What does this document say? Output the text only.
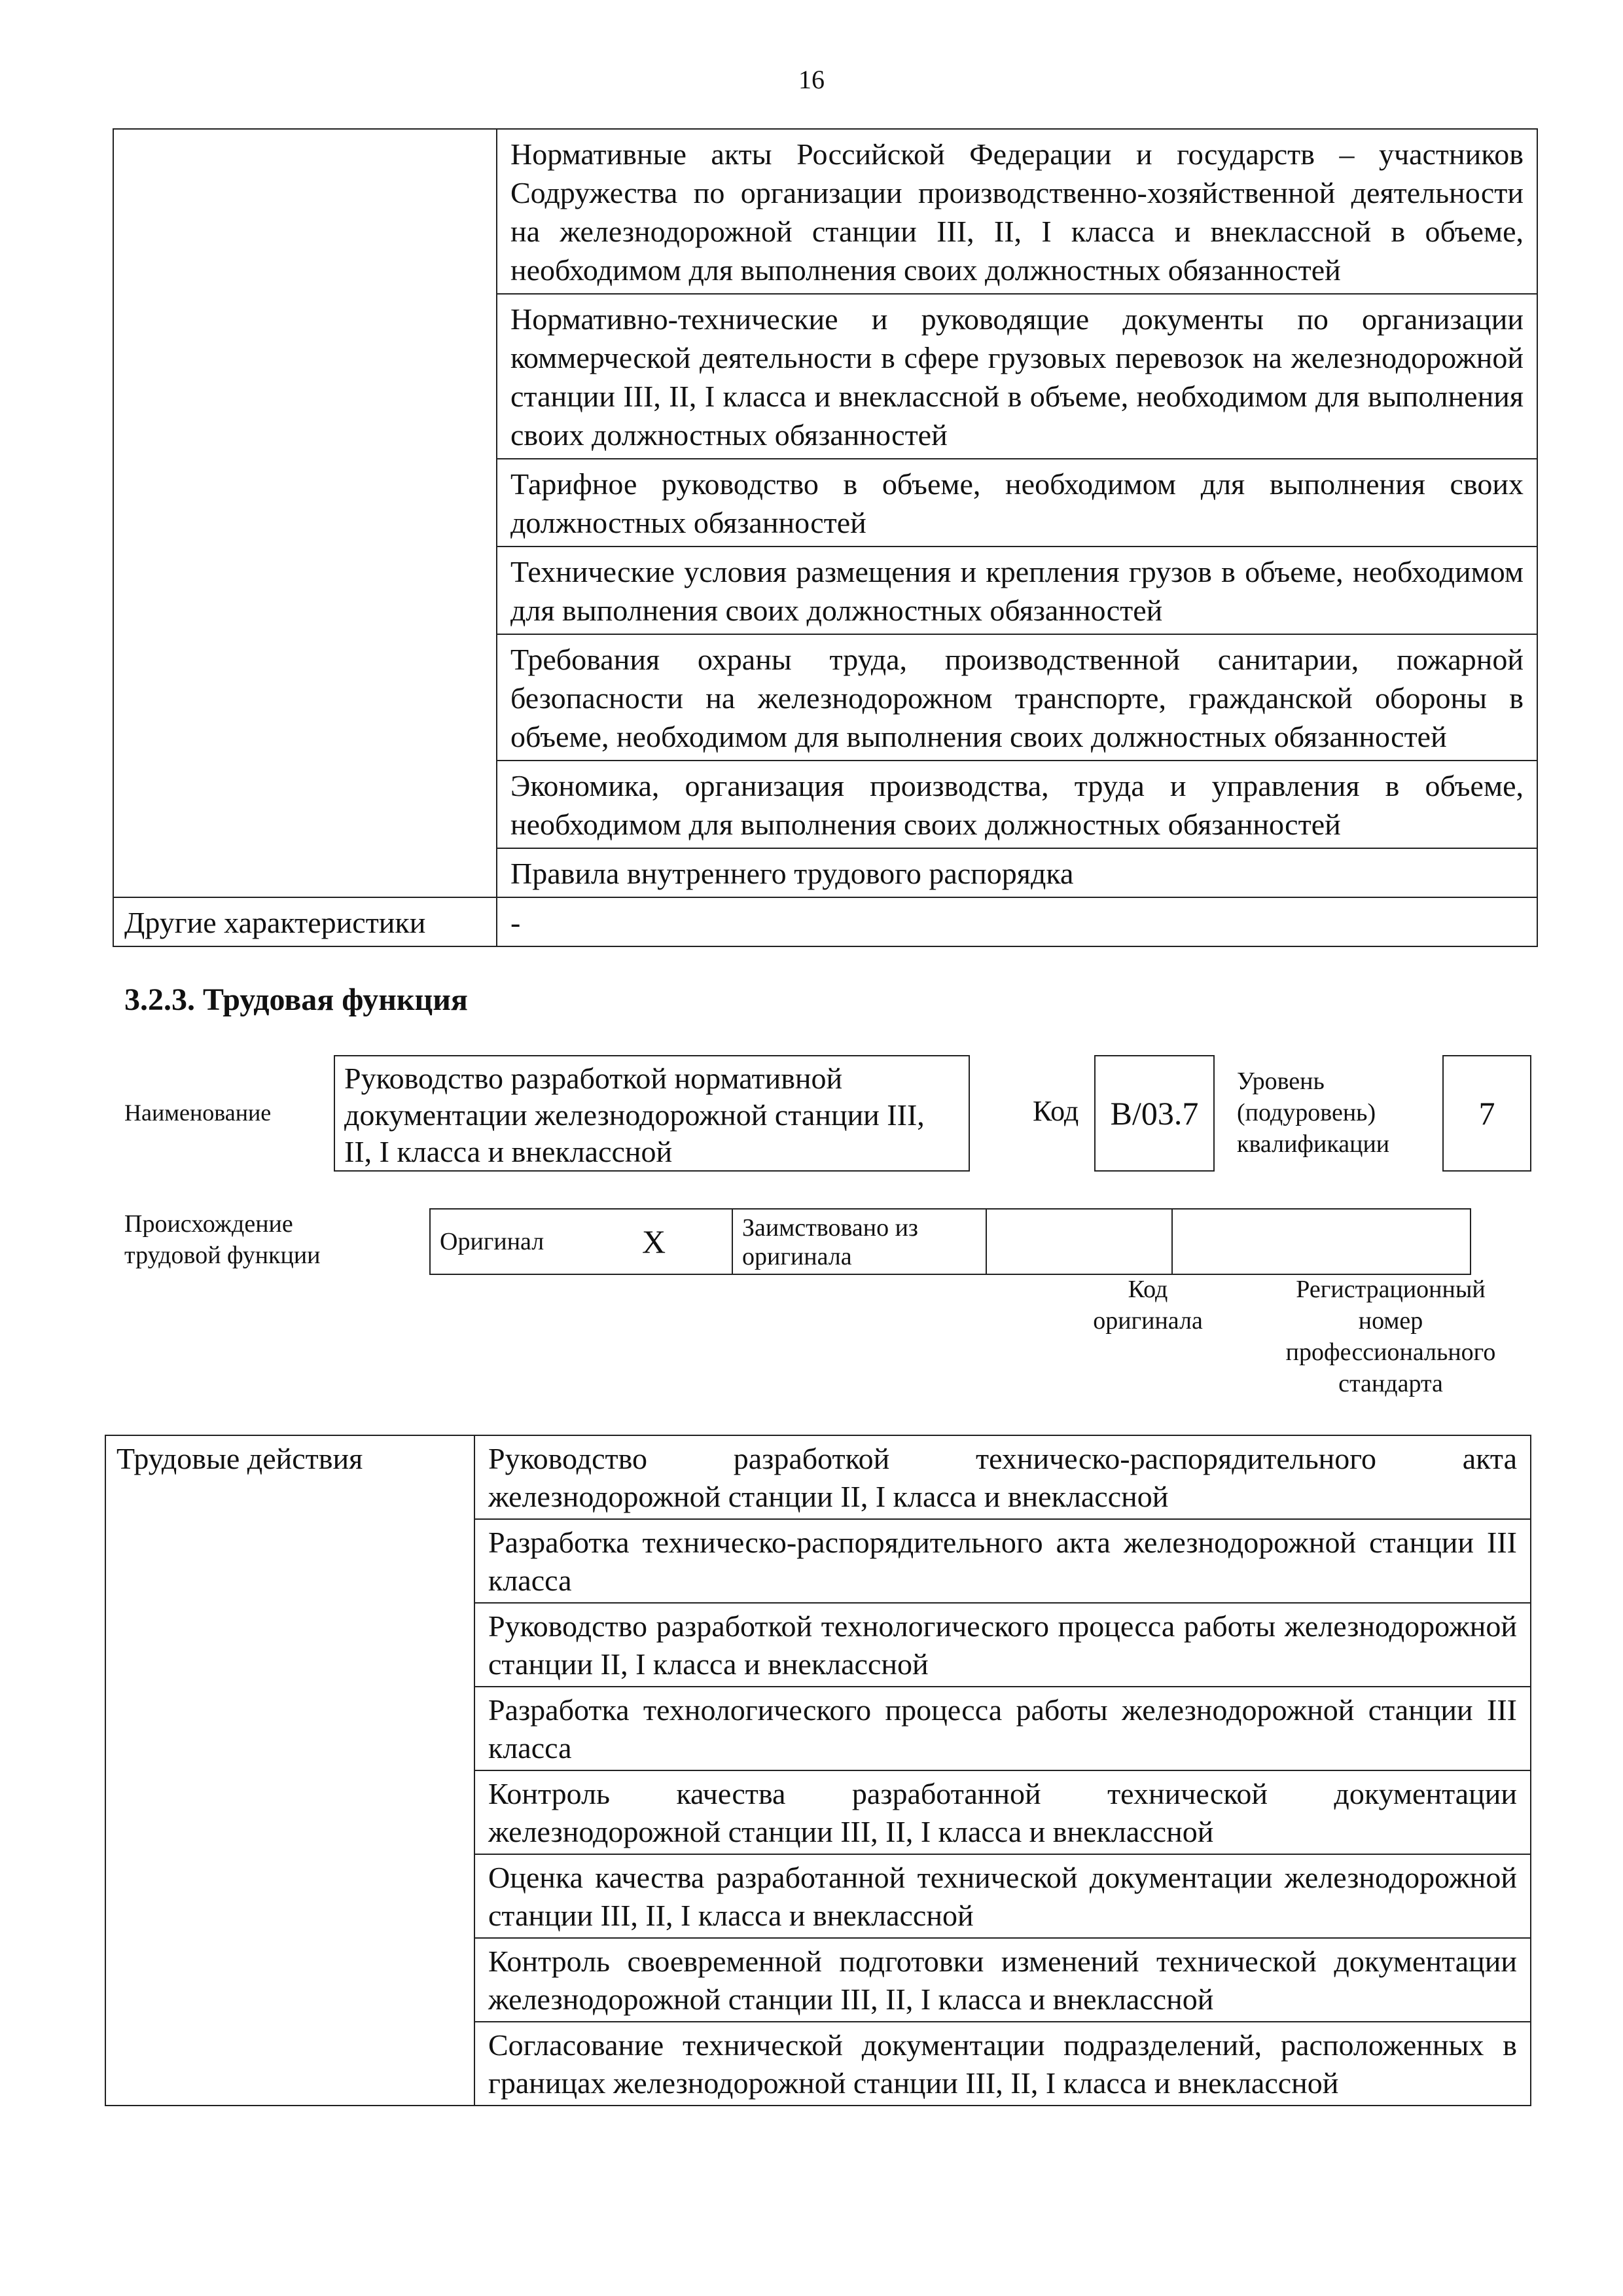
16
	Нормативные акты Российской Федерации и государств – участников Содружества по организации производственно-хозяйственной деятельности на железнодорожной станции III, II, I класса и внеклассной в объеме, необходимом для выполнения своих должностных обязанностей
	Нормативно-технические и руководящие документы по организации коммерческой деятельности в сфере грузовых перевозок на железнодорожной станции III, II, I класса и внеклассной в объеме, необходимом для выполнения своих должностных обязанностей
	Тарифное руководство в объеме, необходимом для выполнения своих должностных обязанностей
	Технические условия размещения и крепления грузов в объеме, необходимом для выполнения своих должностных обязанностей
	Требования охраны труда, производственной санитарии, пожарной безопасности на железнодорожном транспорте, гражданской обороны в объеме, необходимом для выполнения своих должностных обязанностей
	Экономика, организация производства, труда и управления в объеме, необходимом для выполнения своих должностных обязанностей
	Правила внутреннего трудового распорядка
Другие характеристики	-
3.2.3. Трудовая функция
Наименование
Руководство разработкой нормативной документации железнодорожной станции III, II, I класса и внеклассной
Код В/03.7
Уровень
(подуровень)
квалификации
7
Происхождение
трудовой функции	Оригинал	X	Заимствовано из
оригинала

Код
оригинала
Регистрационный
номер
профессионального
стандарта
Трудовые действия	Руководство разработкой техническо-распорядительного акта железнодорожной станции II, I класса и внеклассной
Разработка техническо-распорядительного акта железнодорожной станции III класса
Руководство разработкой технологического процесса работы железнодорожной станции II, I класса и внеклассной
Разработка технологического процесса работы железнодорожной станции III класса
Контроль качества разработанной технической документации железнодорожной станции III, II, I класса и внеклассной
Оценка качества разработанной технической документации железнодорожной станции III, II, I класса и внеклассной
Контроль своевременной подготовки изменений технической документации железнодорожной станции III, II, I класса и внеклассной
Согласование технической документации подразделений, расположенных в границах железнодорожной станции III, II, I класса и внеклассной
